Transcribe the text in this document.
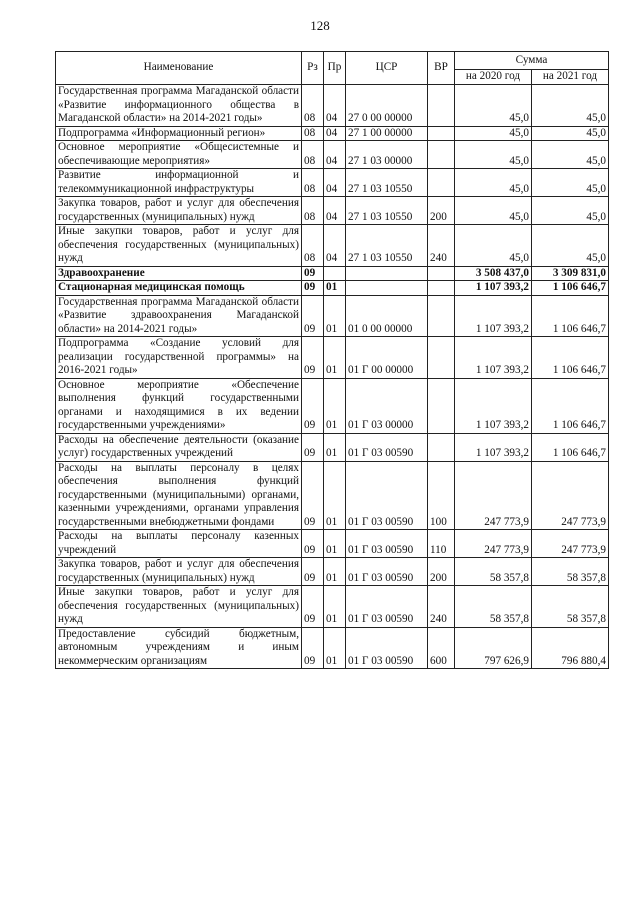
128
Наименование	Рз	Пр	ЦСР	ВР	Сумма	
					на 2020 год	на 2021 год
Государственная программа Магаданской области «Развитие информационного общества в Магаданской области» на 2014-2021 годы»	08	04	27 0 00 00000		45,0	45,0
Подпрограмма «Информационный регион»	08	04	27 1 00 00000		45,0	45,0
Основное мероприятие «Общесистемные и обеспечивающие мероприятия»	08	04	27 1 03 00000		45,0	45,0
Развитие информационной и телекоммуникационной инфраструктуры	08	04	27 1 03 10550		45,0	45,0
Закупка товаров, работ и услуг для обеспечения государственных (муниципальных) нужд	08	04	27 1 03 10550	200	45,0	45,0
Иные закупки товаров, работ и услуг для обеспечения государственных (муниципальных) нужд	08	04	27 1 03 10550	240	45,0	45,0
Здравоохранение	09				3 508 437,0	3 309 831,0
Стационарная медицинская помощь	09	01			1 107 393,2	1 106 646,7
Государственная программа Магаданской области «Развитие здравоохранения Магаданской области» на 2014-2021 годы»	09	01	01 0 00 00000		1 107 393,2	1 106 646,7
Подпрограмма «Создание условий для реализации государственной программы» на 2016-2021 годы»	09	01	01 Г 00 00000		1 107 393,2	1 106 646,7
Основное мероприятие «Обеспечение выполнения функций государственными органами и находящимися в их ведении государственными учреждениями»	09	01	01 Г 03 00000		1 107 393,2	1 106 646,7
Расходы на обеспечение деятельности (оказание услуг) государственных учреждений	09	01	01 Г 03 00590		1 107 393,2	1 106 646,7
Расходы на выплаты персоналу в целях обеспечения выполнения функций государственными (муниципальными) органами, казенными учреждениями, органами управления государственными внебюджетными фондами	09	01	01 Г 03 00590	100	247 773,9	247 773,9
Расходы на выплаты персоналу казенных учреждений	09	01	01 Г 03 00590	110	247 773,9	247 773,9
Закупка товаров, работ и услуг для обеспечения государственных (муниципальных) нужд	09	01	01 Г 03 00590	200	58 357,8	58 357,8
Иные закупки товаров, работ и услуг для обеспечения государственных (муниципальных) нужд	09	01	01 Г 03 00590	240	58 357,8	58 357,8
Предоставление субсидий бюджетным, автономным учреждениям и иным некоммерческим организациям	09	01	01 Г 03 00590	600	797 626,9	796 880,4
